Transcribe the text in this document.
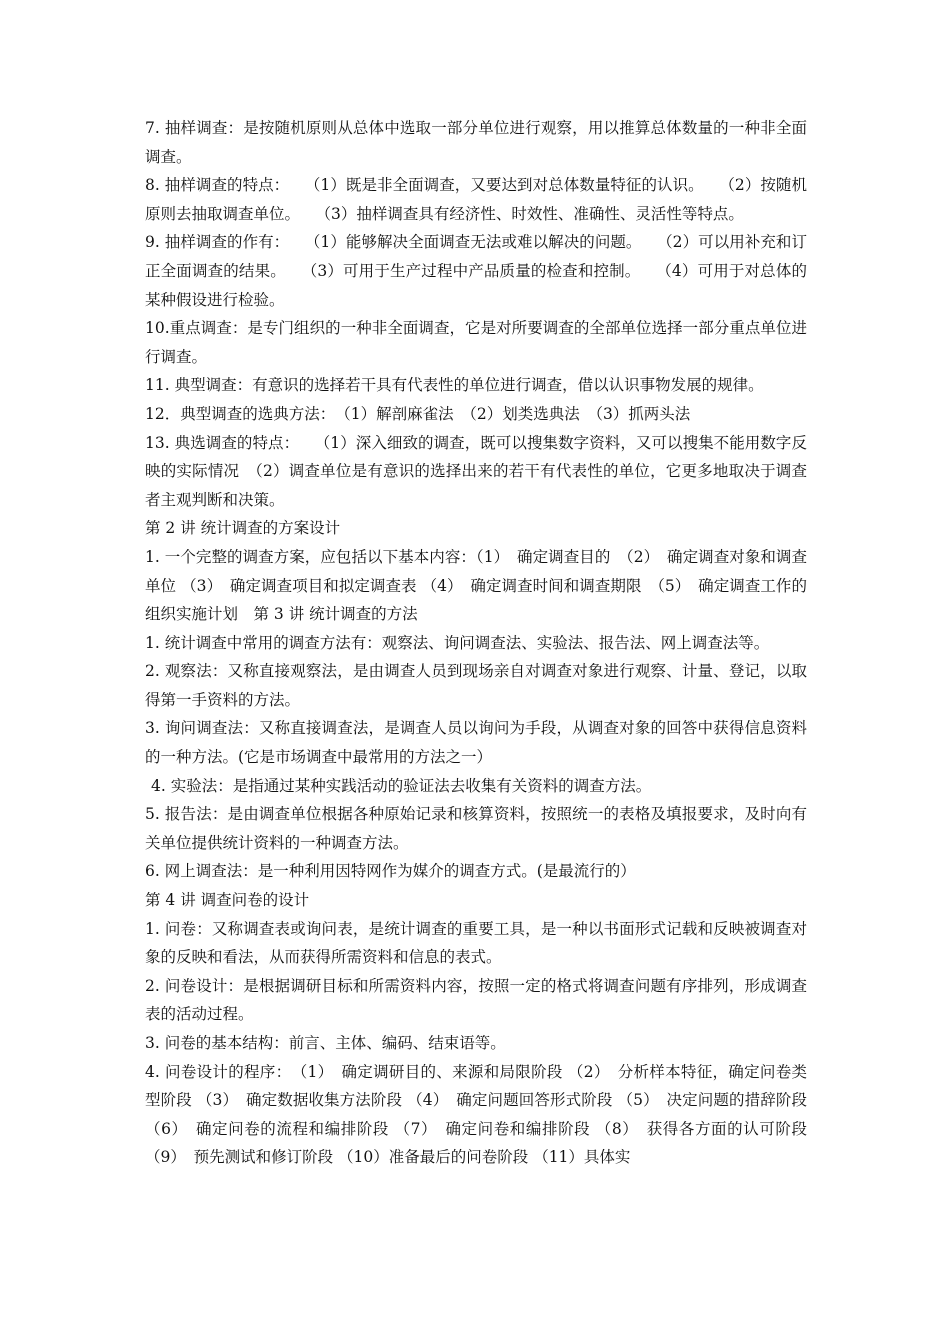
7. 抽样调查：是按随机原则从总体中选取一部分单位进行观察，用以推算总体数量的一种非全面调查。

8. 抽样调查的特点：　　（1）既是非全面调查，又要达到对总体数量特征的认识。　　（2）按随机原则去抽取调查单位。　　（3）抽样调查具有经济性、时效性、准确性、灵活性等特点。

9. 抽样调查的作有：　　（1）能够解决全面调查无法或难以解决的问题。　　（2）可以用补充和订正全面调查的结果。　　（3）可用于生产过程中产品质量的检查和控制。　　（4）可用于对总体的某种假设进行检验。

10.重点调查：是专门组织的一种非全面调查，它是对所要调查的全部单位选择一部分重点单位进行调查。

11. 典型调查：有意识的选择若干具有代表性的单位进行调查，借以认识事物发展的规律。

12．典型调查的选典方法：　（1）解剖麻雀法　（2）划类选典法　（3）抓两头法

13. 典选调查的特点：　　（1）深入细致的调查，既可以搜集数字资料，又可以搜集不能用数字反映的实际情况　（2）调查单位是有意识的选择出来的若干有代表性的单位，它更多地取决于调查者主观判断和决策。

第 2 讲 统计调查的方案设计

1. 一个完整的调查方案，应包括以下基本内容：（1）　确定调查目的　（2）　确定调查对象和调查单位 （3）　确定调查项目和拟定调查表 （4）　确定调查时间和调查期限　（5）　确定调查工作的组织实施计划　第 3 讲 统计调查的方法

1. 统计调查中常用的调查方法有：观察法、询问调查法、实验法、报告法、网上调查法等。

2. 观察法：又称直接观察法，是由调查人员到现场亲自对调查对象进行观察、计量、登记，以取得第一手资料的方法。

3. 询问调查法：又称直接调查法，是调查人员以询问为手段，从调查对象的回答中获得信息资料的一种方法。(它是市场调查中最常用的方法之一）

4. 实验法：是指通过某种实践活动的验证法去收集有关资料的调查方法。

5. 报告法：是由调查单位根据各种原始记录和核算资料，按照统一的表格及填报要求，及时向有关单位提供统计资料的一种调查方法。

6. 网上调查法：是一种利用因特网作为媒介的调查方式。(是最流行的）

第 4 讲 调查问卷的设计

1. 问卷：又称调查表或询问表，是统计调查的重要工具，是一种以书面形式记载和反映被调查对象的反映和看法，从而获得所需资料和信息的表式。

2. 问卷设计：是根据调研目标和所需资料内容，按照一定的格式将调查问题有序排列，形成调查表的活动过程。

3. 问卷的基本结构：前言、主体、编码、结束语等。

4. 问卷设计的程序：　（1）　确定调研目的、来源和局限阶段 （2）　分析样本特征，确定问卷类型阶段 （3）　确定数据收集方法阶段 （4）　确定问题回答形式阶段 （5）　决定问题的措辞阶段　（6）　确定问卷的流程和编排阶段 （7）　确定问卷和编排阶段 （8）　获得各方面的认可阶段 （9）　预先测试和修订阶段 （10）准备最后的问卷阶段 （11）具体实
